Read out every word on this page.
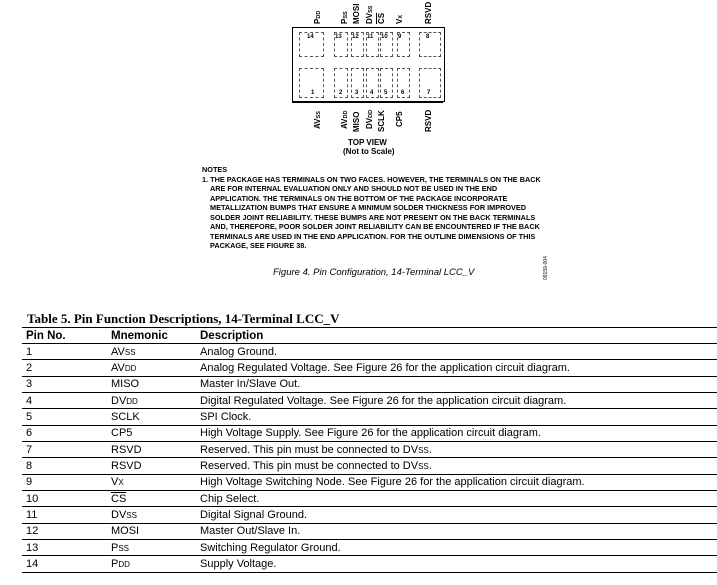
PDD
PSS MOSI DVSS
$\overline{CS}$ VX	RSVD
14
1
13
2
12
3
11
4
10
5
9
6
8
7
AVSS
AVDD MISO DVDD SCLK CP5	RSVD
TOP VIEW
(Not to Scale)
NOTES
1. THE PACKAGE HAS TERMINALS ON TWO FACES. HOWEVER, THE TERMINALS ON THE BACK ARE FOR INTERNAL EVALUATION ONLY AND SHOULD NOT BE USED IN THE END APPLICATION. THE TERMINALS ON THE BOTTOM OF THE PACKAGE INCORPORATE METALLIZATION BUMPS THAT ENSURE A MINIMUM SOLDER THICKNESS FOR IMPROVED SOLDER JOINT RELIABILITY. THESE BUMPS ARE NOT PRESENT ON THE BACK TERMINALS AND, THEREFORE, POOR SOLDER JOINT RELIABILITY CAN BE ENCOUNTERED IF THE BACK TERMINALS ARE USED IN THE END APPLICATION. FOR THE OUTLINE DIMENSIONS OF THIS PACKAGE, SEE FIGURE 38.
09159-004
Figure 4. Pin Configuration, 14-Terminal LCC_V
Table 5. Pin Function Descriptions, 14-Terminal LCC_V
Pin No.	Mnemonic	Description
1	AVSS	Analog Ground.
2	AVDD	Analog Regulated Voltage. See Figure 26 for the application circuit diagram.
3	MISO	Master In/Slave Out.
4	DVDD	Digital Regulated Voltage. See Figure 26 for the application circuit diagram.
5	SCLK	SPI Clock.
6	CP5	High Voltage Supply. See Figure 26 for the application circuit diagram.
7	RSVD	Reserved. This pin must be connected to DVSS.
8	RSVD	Reserved. This pin must be connected to DVSS.
9	VX	High Voltage Switching Node. See Figure 26 for the application circuit diagram.
10	$\overline{CS}$	Chip Select.
11	DVSS	Digital Signal Ground.
12	MOSI	Master Out/Slave In.
13	PSS	Switching Regulator Ground.
14	PDD	Supply Voltage.
